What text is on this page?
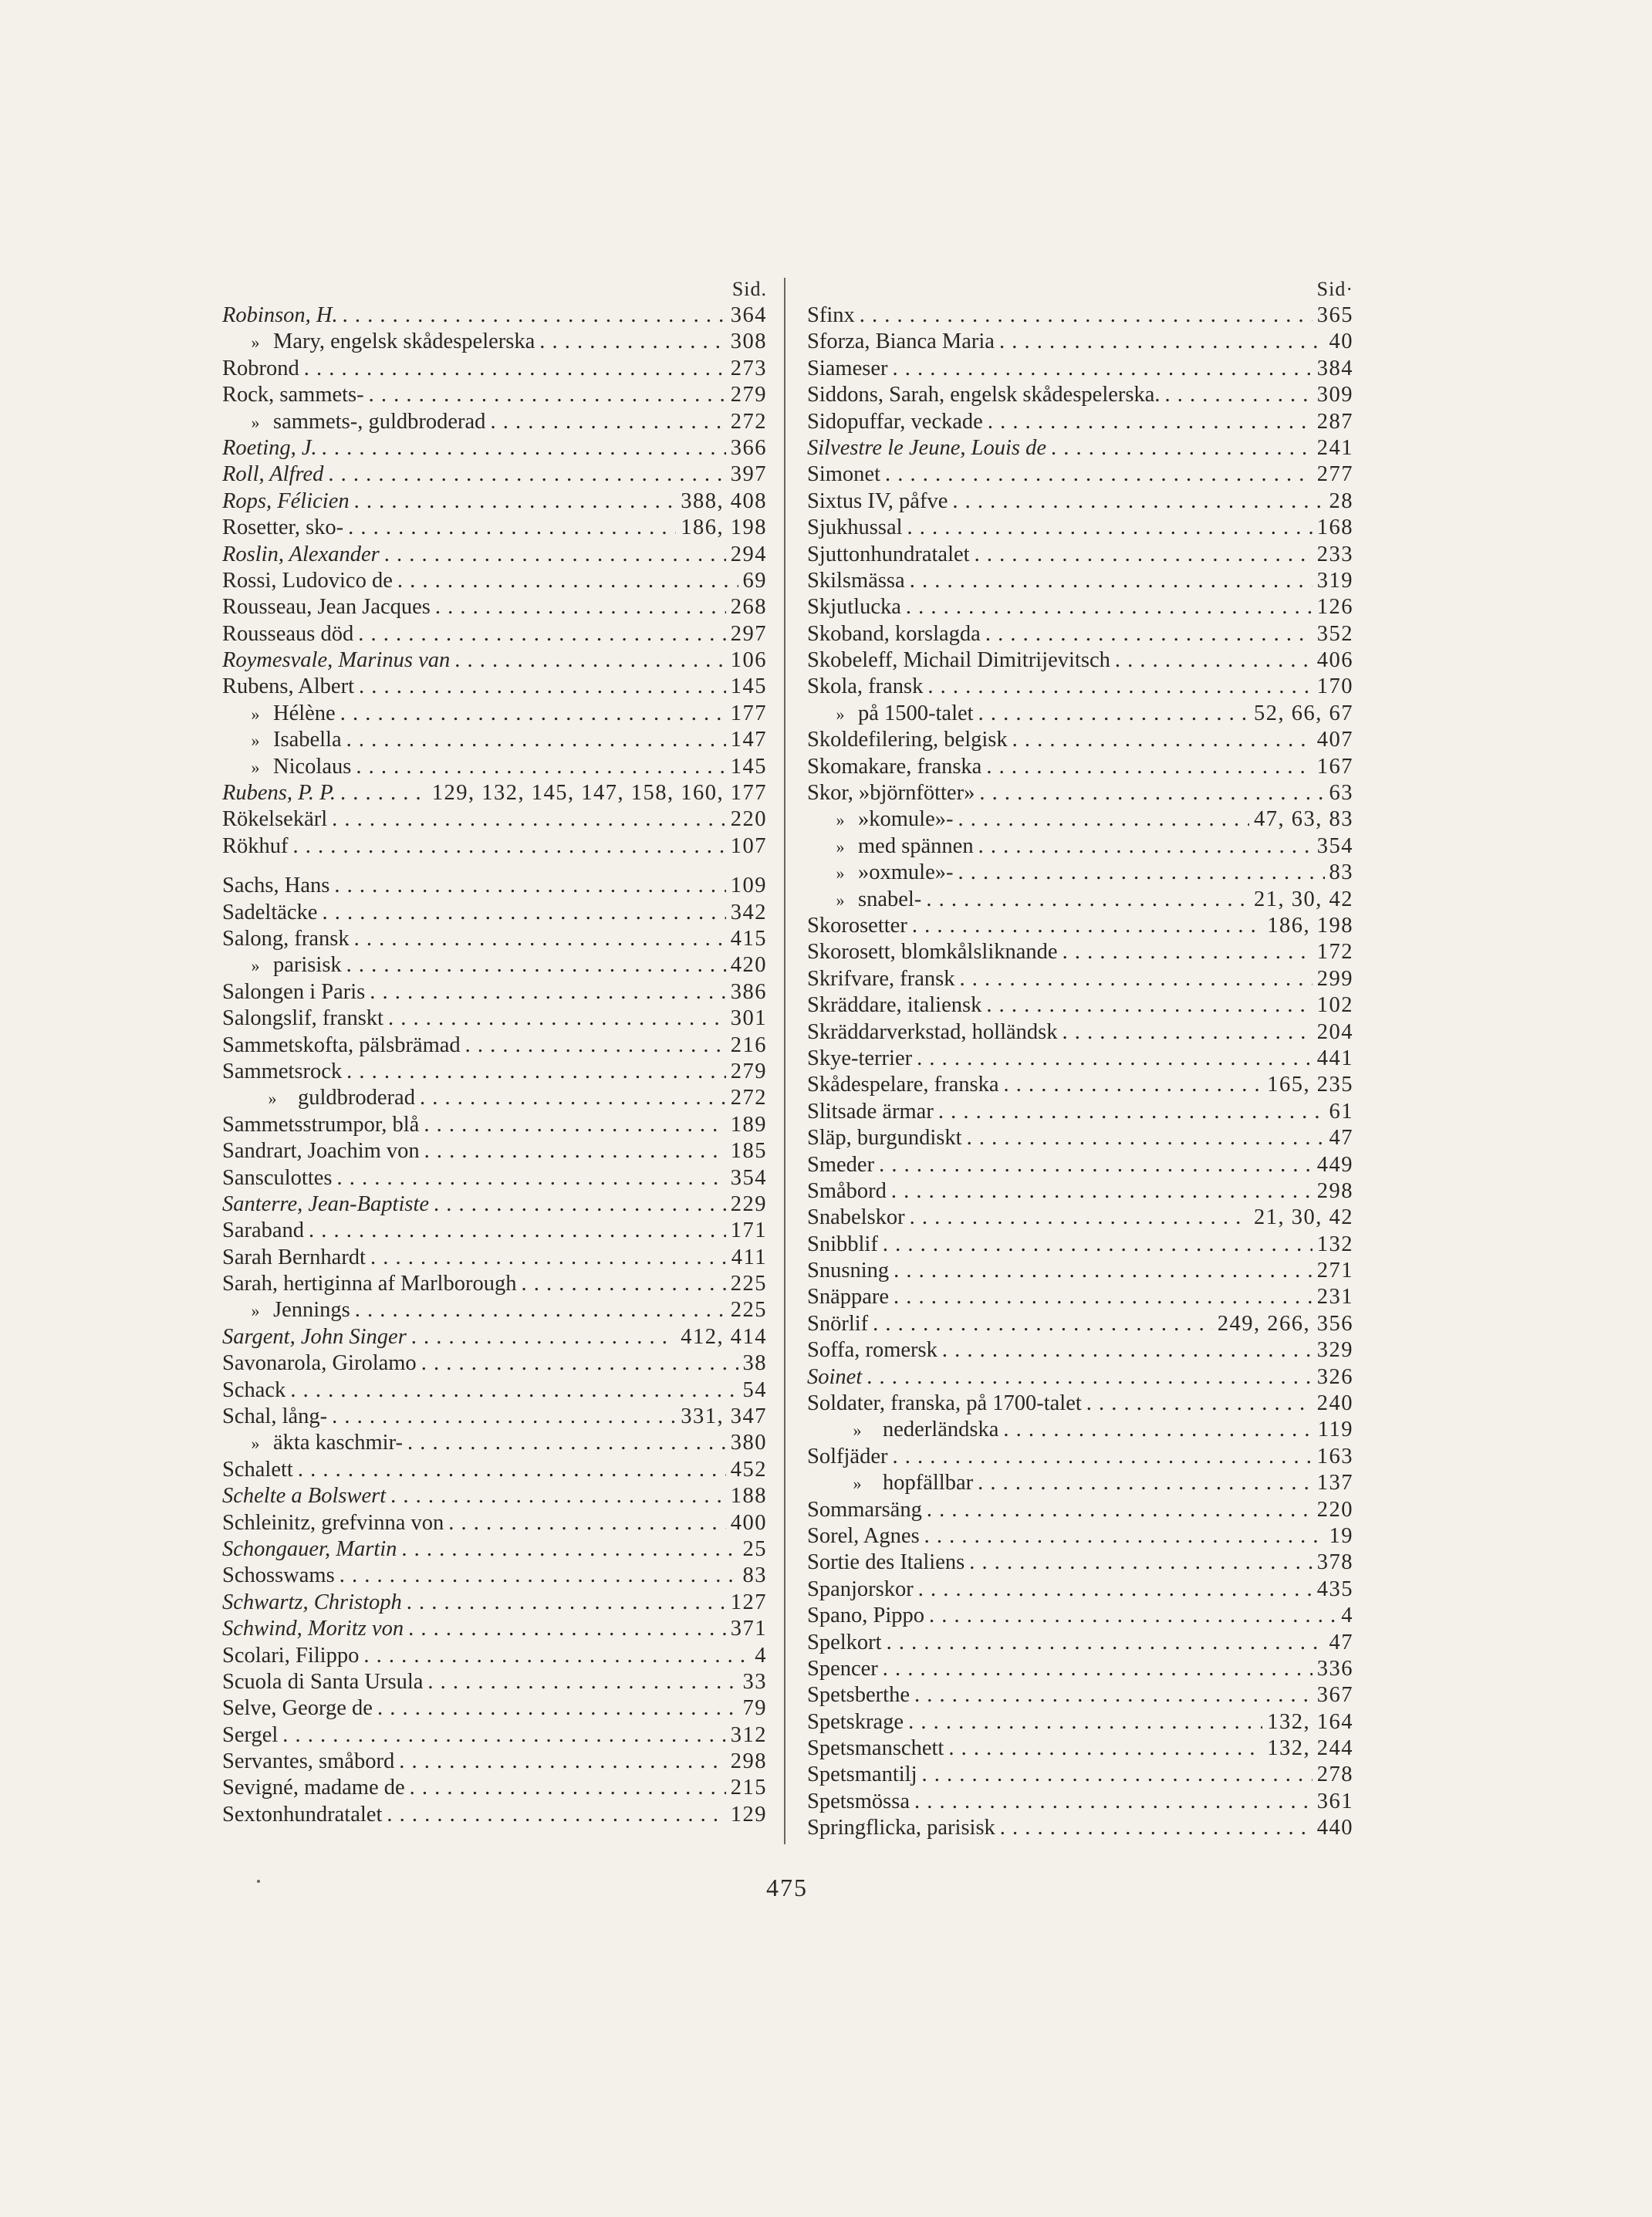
Sid.
Robinson, H. . . .	364
» Mary, engelsk skådespelerska . . .	308
Robrond . . .	273
Rock, sammets- . . .	279
» sammets-, guldbroderad . . .	272
Roeting, J. . . .	366
Roll, Alfred . . .	397
Rops, Félicien . . .	388, 408
Rosetter, sko- . . .	186, 198
Roslin, Alexander . . .	294
Rossi, Ludovico de . . .	69
Rousseau, Jean Jacques . . .	268
Rousseaus död . . .	297
Roymesvale, Marinus van . . .	106
Rubens, Albert . . .	145
» Hélène . . .	177
» Isabella . . .	147
» Nicolaus . . .	145
Rubens, P. P. . . .	129, 132, 145, 147, 158, 160, 177
Rökelsekärl . . .	220
Rökhuf . . .	107
Sachs, Hans . . .	109
Sadeltäcke . . .	342
Salong, fransk . . .	415
» parisisk . . .	420
Salongen i Paris . . .	386
Salongslif, franskt . . .	301
Sammetskofta, pälsbrämad . . .	216
Sammetsrock . . .	279
» guldbroderad . . .	272
Sammetsstrumpor, blå . . .	189
Sandrart, Joachim von . . .	185
Sansculottes . . .	354
Santerre, Jean-Baptiste . . .	229
Saraband . . .	171
Sarah Bernhardt . . .	411
Sarah, hertiginna af Marlborough . . .	225
» Jennings . . .	225
Sargent, John Singer . . .	412, 414
Savonarola, Girolamo . . .	38
Schack . . .	54
Schal, lång- . . .	331, 347
» äkta kaschmir- . . .	380
Schalett . . .	452
Schelte a Bolswert . . .	188
Schleinitz, grefvinna von . . .	400
Schongauer, Martin . . .	25
Schosswams . . .	83
Schwartz, Christoph . . .	127
Schwind, Moritz von . . .	371
Scolari, Filippo . . .	4
Scuola di Santa Ursula . . .	33
Selve, George de . . .	79
Sergel . . .	312
Servantes, småbord . . .	298
Sevigné, madame de . . .	215
Sextonhundratalet . . .	129
Sid·
Sfinx . . .	365
Sforza, Bianca Maria . . .	40
Siameser . . .	384
Siddons, Sarah, engelsk skådespelerska. . . .	309
Sidopuffar, veckade . . .	287
Silvestre le Jeune, Louis de . . .	241
Simonet . . .	277
Sixtus IV, påfve . . .	28
Sjukhussal . . .	168
Sjuttonhundratalet . . .	233
Skilsmässa . . .	319
Skjutlucka . . .	126
Skoband, korslagda . . .	352
Skobeleff, Michail Dimitrijevitsch . . .	406
Skola, fransk . . .	170
» på 1500-talet . . .	52, 66, 67
Skoldefilering, belgisk . . .	407
Skomakare, franska . . .	167
Skor, »björnfötter» . . .	63
» »komule»- . . .	47, 63, 83
» med spännen . . .	354
» »oxmule»- . . .	83
» snabel- . . .	21, 30, 42
Skorosetter . . .	186, 198
Skorosett, blomkålsliknande . . .	172
Skrifvare, fransk . . .	299
Skräddare, italiensk . . .	102
Skräddarverkstad, holländsk . . .	204
Skye-terrier . . .	441
Skådespelare, franska . . .	165, 235
Slitsade ärmar . . .	61
Släp, burgundiskt . . .	47
Smeder . . .	449
Småbord . . .	298
Snabelskor . . .	21, 30, 42
Snibblif . . .	132
Snusning . . .	271
Snäppare . . .	231
Snörlif . . .	249, 266, 356
Soffa, romersk . . .	329
Soinet . . .	326
Soldater, franska, på 1700-talet . . .	240
» nederländska . . .	119
Solfjäder . . .	163
» hopfällbar . . .	137
Sommarsäng . . .	220
Sorel, Agnes . . .	19
Sortie des Italiens . . .	378
Spanjorskor . . .	435
Spano, Pippo . . .	4
Spelkort . . .	47
Spencer . . .	336
Spetsberthe . . .	367
Spetskrage . . .	132, 164
Spetsmanschett . . .	132, 244
Spetsmantilj . . .	278
Spetsmössa . . .	361
Springflicka, parisisk . . .	440
475
